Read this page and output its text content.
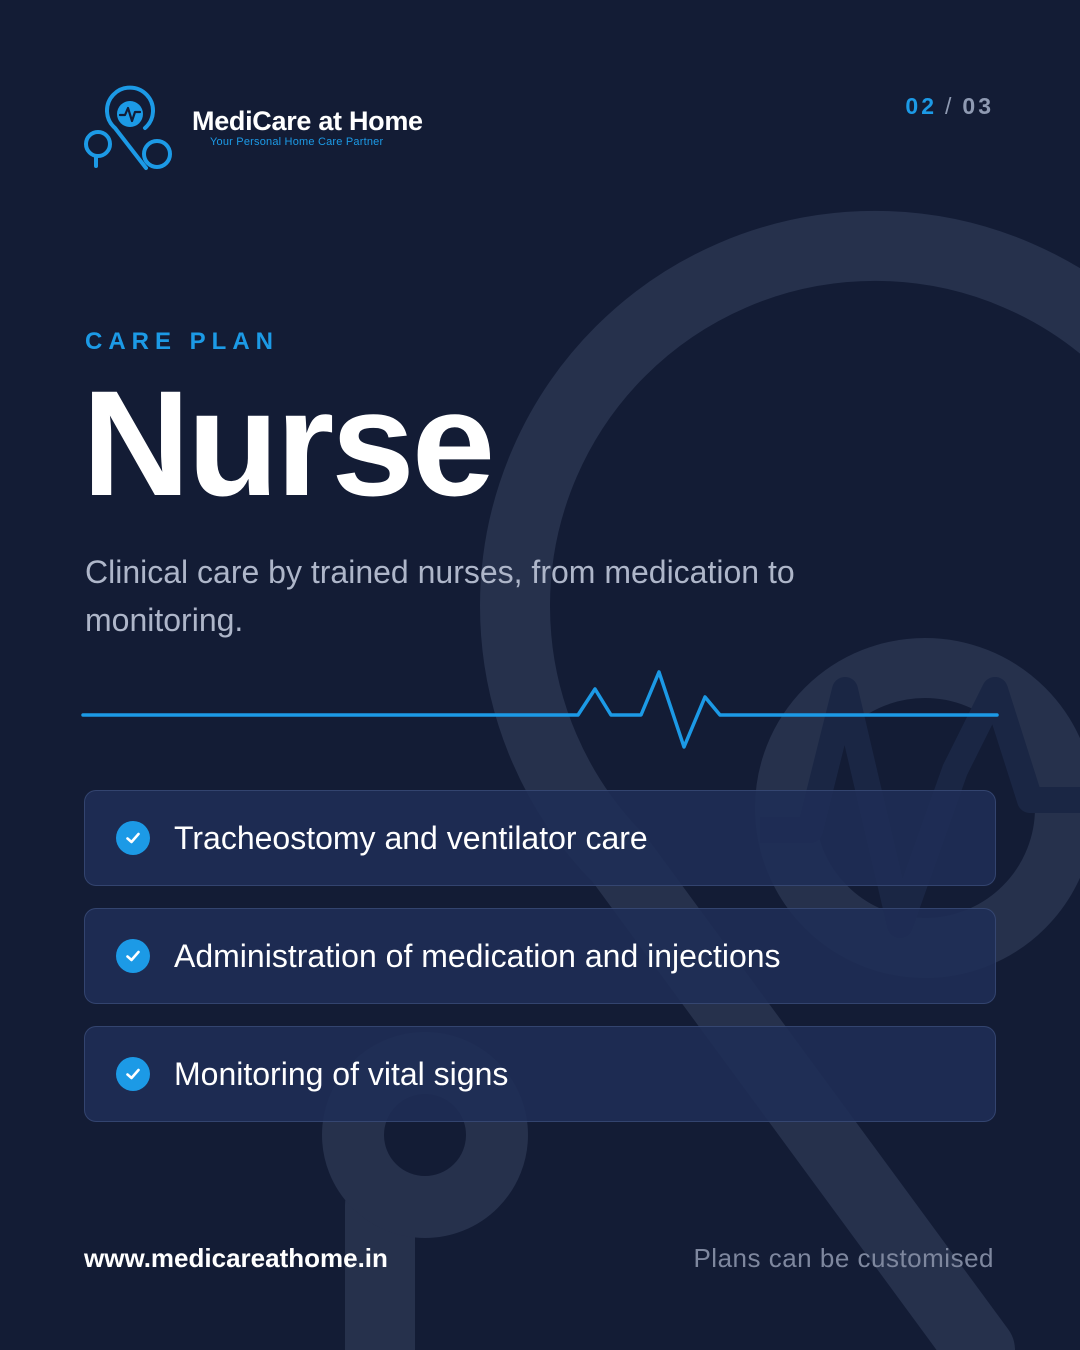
MediCare at Home
Your Personal Home Care Partner
02 / 03
CARE PLAN
Nurse
Clinical care by trained nurses, from medication to monitoring.
Tracheostomy and ventilator care
Administration of medication and injections
Monitoring of vital signs
www.medicareathome.in	Plans can be customised
